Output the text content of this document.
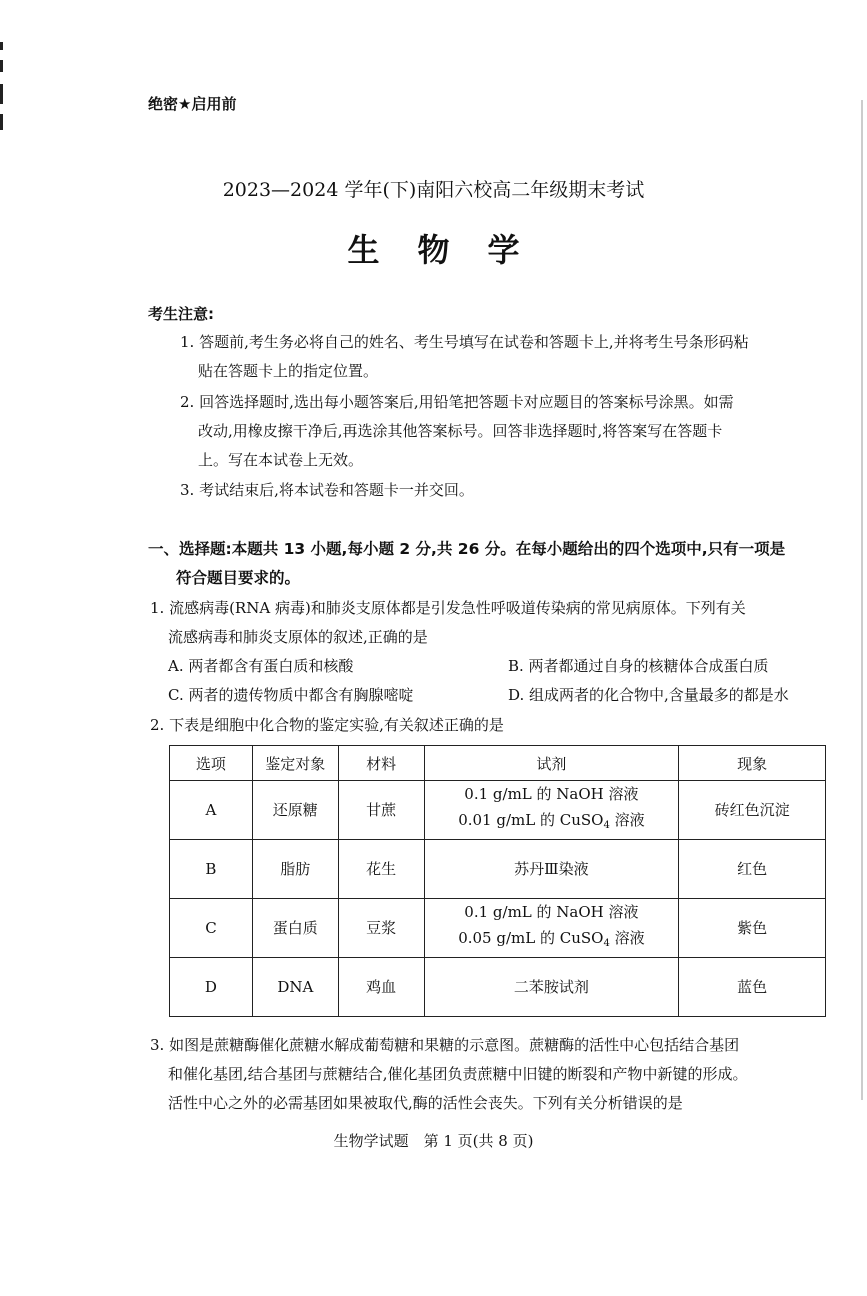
绝密★启用前
2023—2024 学年(下)南阳六校高二年级期末考试
生物学
考生注意:
1. 答题前,考生务必将自己的姓名、考生号填写在试卷和答题卡上,并将考生号条形码粘
贴在答题卡上的指定位置。
2. 回答选择题时,选出每小题答案后,用铅笔把答题卡对应题目的答案标号涂黑。如需
改动,用橡皮擦干净后,再选涂其他答案标号。回答非选择题时,将答案写在答题卡
上。写在本试卷上无效。
3. 考试结束后,将本试卷和答题卡一并交回。
一、选择题:本题共 13 小题,每小题 2 分,共 26 分。在每小题给出的四个选项中,只有一项是
符合题目要求的。
1. 流感病毒(RNA 病毒)和肺炎支原体都是引发急性呼吸道传染病的常见病原体。下列有关
流感病毒和肺炎支原体的叙述,正确的是
A. 两者都含有蛋白质和核酸	B. 两者都通过自身的核糖体合成蛋白质
C. 两者的遗传物质中都含有胸腺嘧啶	D. 组成两者的化合物中,含量最多的都是水
2. 下表是细胞中化合物的鉴定实验,有关叙述正确的是
选项	鉴定对象	材料	试剂	现象
A	还原糖	甘蔗	0.1 g/mL 的 NaOH 溶液
0.01 g/mL 的 CuSO$_4$ 溶液	砖红色沉淀
B	脂肪	花生	苏丹Ⅲ染液	红色
C	蛋白质	豆浆	0.1 g/mL 的 NaOH 溶液
0.05 g/mL 的 CuSO$_4$ 溶液	紫色
D	DNA	鸡血	二苯胺试剂	蓝色
3. 如图是蔗糖酶催化蔗糖水解成葡萄糖和果糖的示意图。蔗糖酶的活性中心包括结合基团
和催化基团,结合基团与蔗糖结合,催化基团负责蔗糖中旧键的断裂和产物中新键的形成。
活性中心之外的必需基团如果被取代,酶的活性会丧失。下列有关分析错误的是
生物学试题　第 1 页(共 8 页)
